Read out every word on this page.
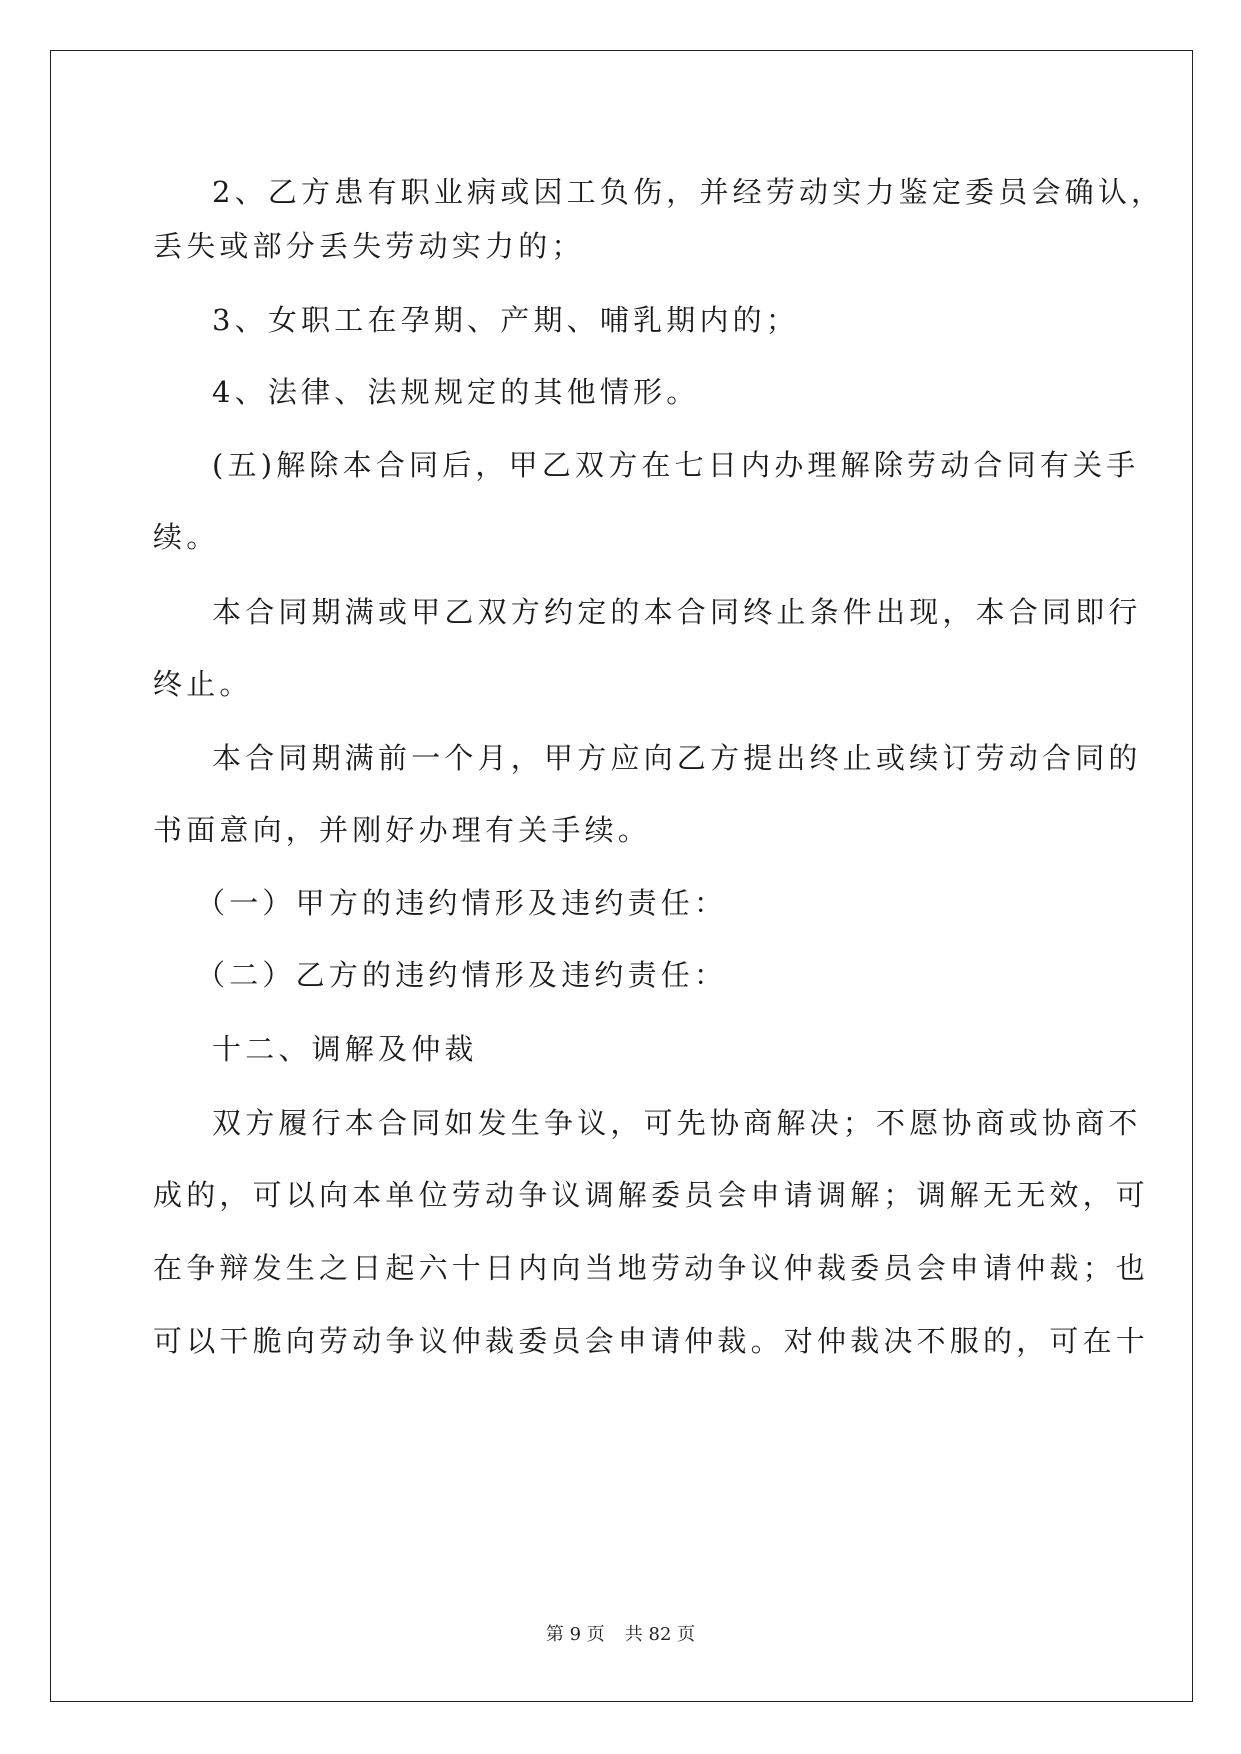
2、乙方患有职业病或因工负伤，并经劳动实力鉴定委员会确认，
丢失或部分丢失劳动实力的；
3、女职工在孕期、产期、哺乳期内的；
4、法律、法规规定的其他情形。
(五)解除本合同后，甲乙双方在七日内办理解除劳动合同有关手
续。
本合同期满或甲乙双方约定的本合同终止条件出现，本合同即行
终止。
本合同期满前一个月，甲方应向乙方提出终止或续订劳动合同的
书面意向，并刚好办理有关手续。
（一）甲方的违约情形及违约责任：
（二）乙方的违约情形及违约责任：
十二、调解及仲裁
双方履行本合同如发生争议，可先协商解决；不愿协商或协商不
成的，可以向本单位劳动争议调解委员会申请调解；调解无无效，可
在争辩发生之日起六十日内向当地劳动争议仲裁委员会申请仲裁；也
可以干脆向劳动争议仲裁委员会申请仲裁。对仲裁决不服的，可在十
第 9 页 共 82 页
